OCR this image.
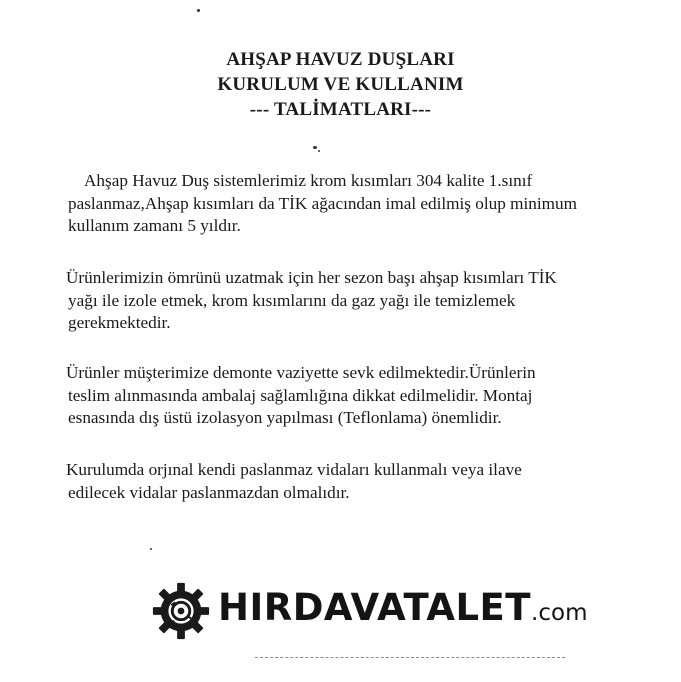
AHŞAP HAVUZ DUŞLARI
KURULUM VE KULLANIM
--- TALİMATLARI---
Ahşap Havuz Duş sistemlerimiz krom kısımları 304 kalite 1.sınıf
paslanmaz,Ahşap kısımları da TİK ağacından imal edilmiş olup minimum
kullanım zamanı 5 yıldır.
Ürünlerimizin ömrünü uzatmak için her sezon başı ahşap kısımları TİK
yağı ile izole etmek, krom kısımlarını da gaz yağı ile temizlemek
gerekmektedir.
Ürünler müşterimize demonte vaziyette sevk edilmektedir.Ürünlerin
teslim alınmasında ambalaj sağlamlığına dikkat edilmelidir. Montaj
esnasında dış üstü izolasyon yapılması (Teflonlama) önemlidir.
Kurulumda orjınal kendi paslanmaz vidaları kullanmalı veya ilave
edilecek vidalar paslanmazdan olmalıdır.
HIRDAVATALET.com
